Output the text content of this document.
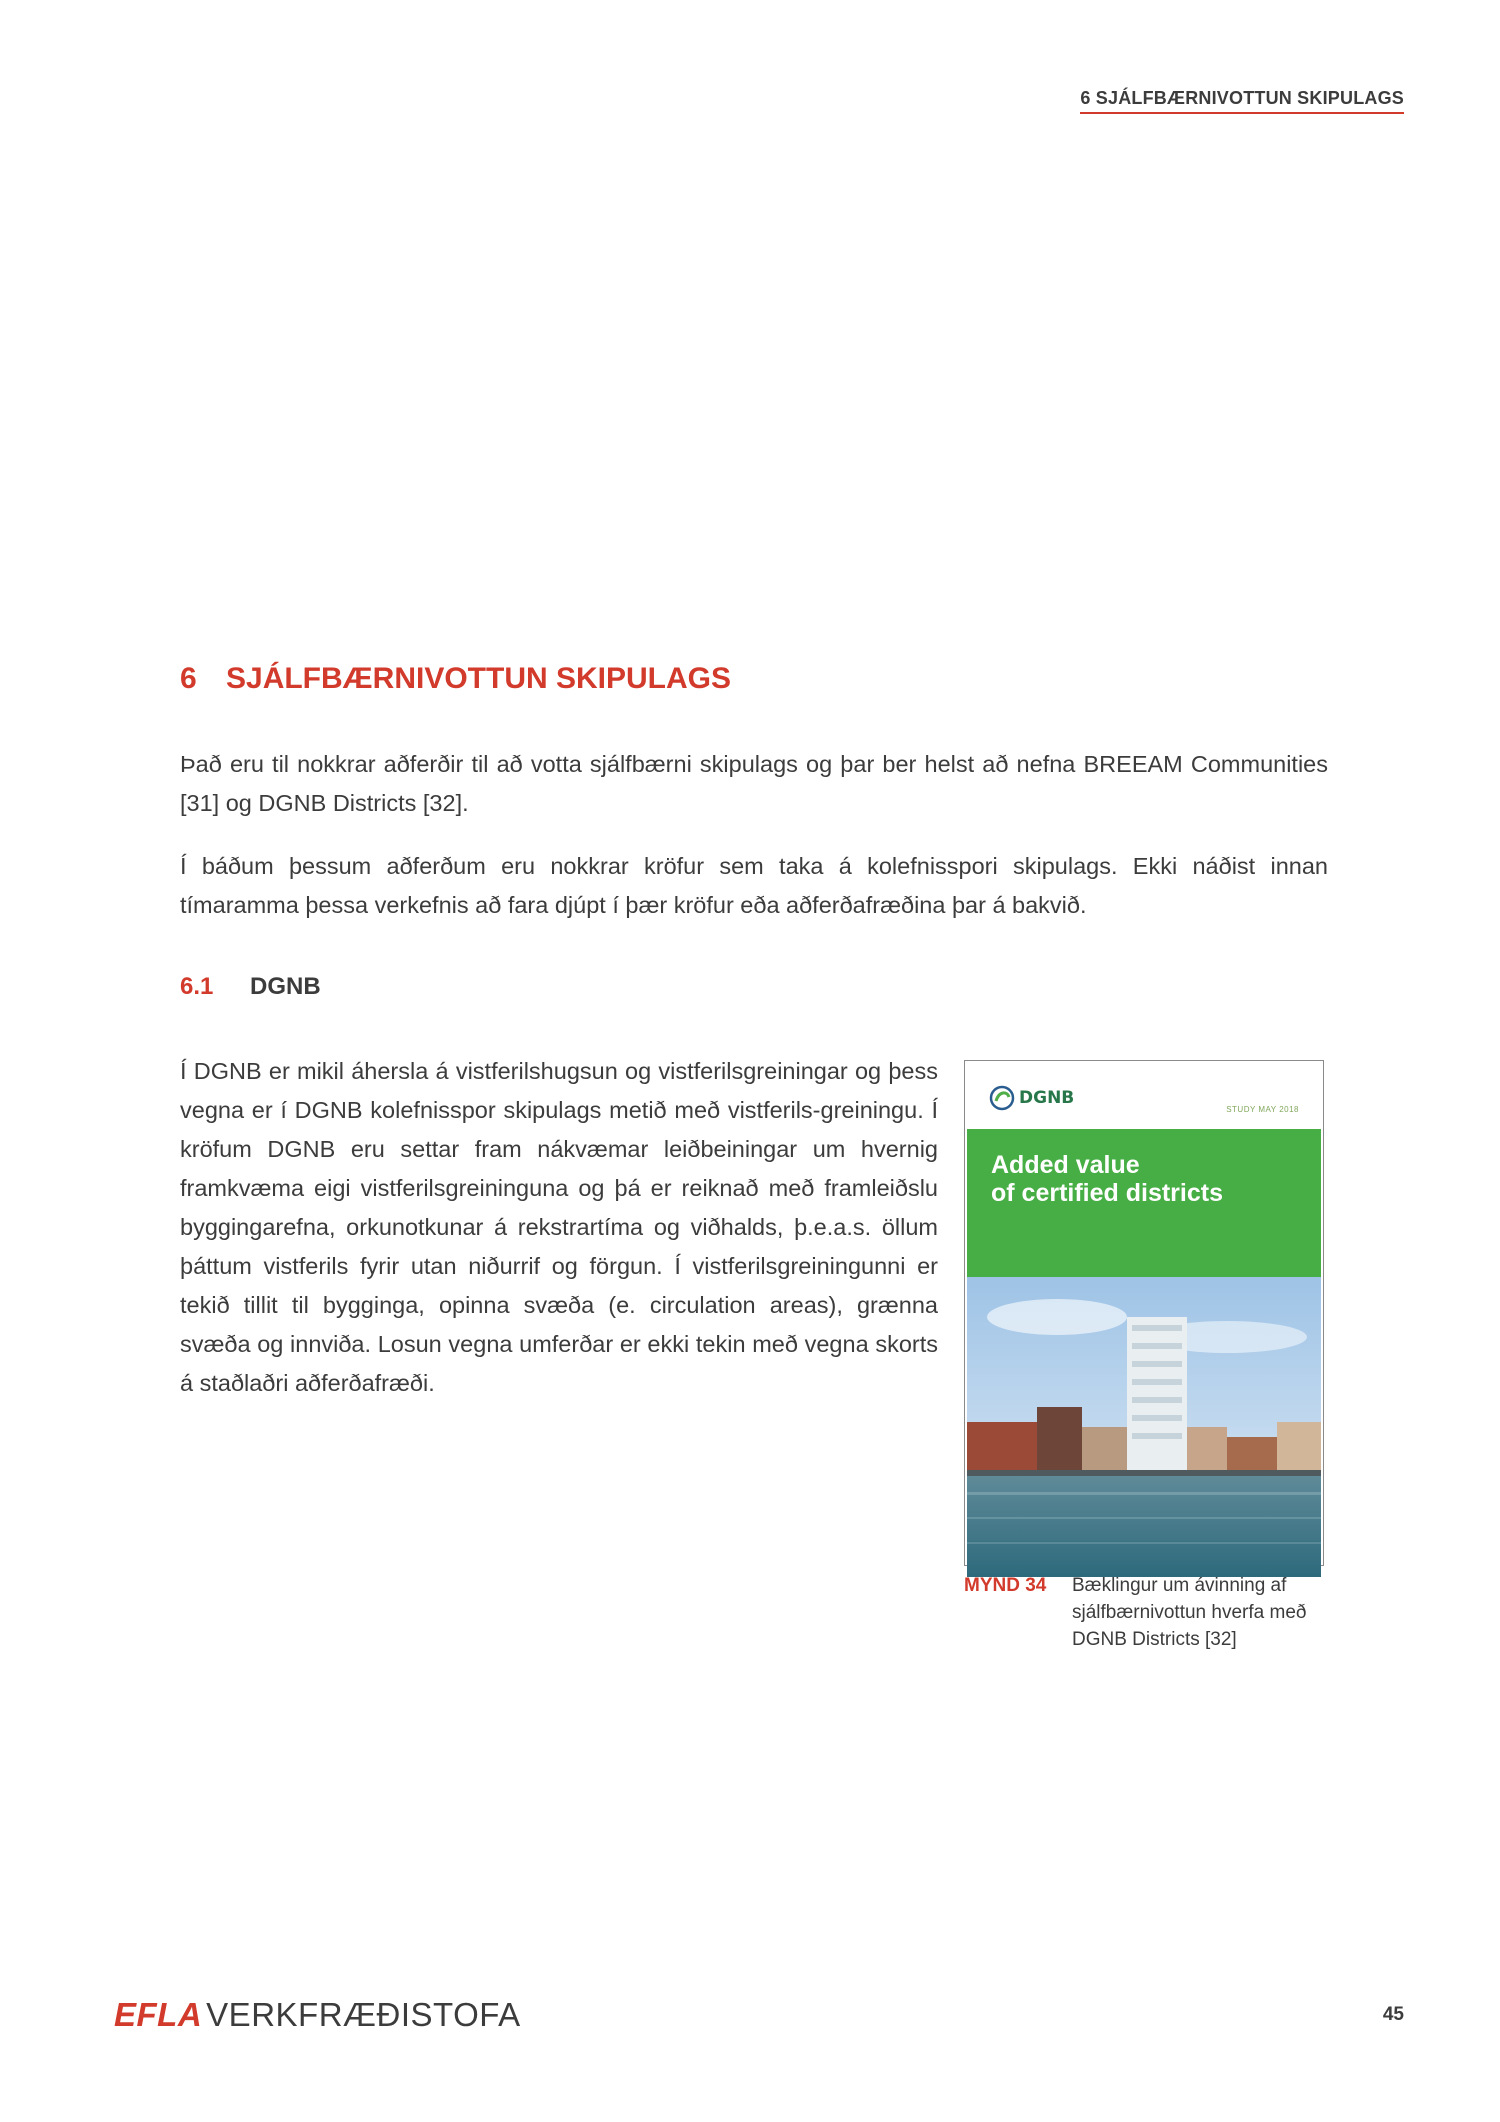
6 SJÁLFBÆRNIVOTTUN SKIPULAGS
6 SJÁLFBÆRNIVOTTUN SKIPULAGS

Það eru til nokkrar aðferðir til að votta sjálfbærni skipulags og þar ber helst að nefna BREEAM Communities [31] og DGNB Districts [32].

Í báðum þessum aðferðum eru nokkrar kröfur sem taka á kolefnisspori skipulags. Ekki náðist innan tímaramma þessa verkefnis að fara djúpt í þær kröfur eða aðferðafræðina þar á bakvið.

6.1 DGNB

Í DGNB er mikil áhersla á vistferilshugsun og vistferilsgreiningar og þess vegna er í DGNB kolefnisspor skipulags metið með vistferils-greiningu. Í kröfum DGNB eru settar fram nákvæmar leiðbeiningar um hvernig framkvæma eigi vistferilsgreininguna og þá er reiknað með framleiðslu byggingarefna, orkunotkunar á rekstrartíma og viðhalds, þ.e.a.s. öllum þáttum vistferils fyrir utan niðurrif og förgun. Í vistferilsgreiningunni er tekið tillit til bygginga, opinna svæða (e. circulation areas), grænna svæða og innviða. Losun vegna umferðar er ekki tekin með vegna skorts á staðlaðri aðferðafræði.

DGNB
STUDY MAY 2018

Added value
of certified districts

MYND 34 Bæklingur um ávinning af sjálfbærnivottun hverfa með DGNB Districts [32]
EFLA VERKFRÆÐISTOFA	45
